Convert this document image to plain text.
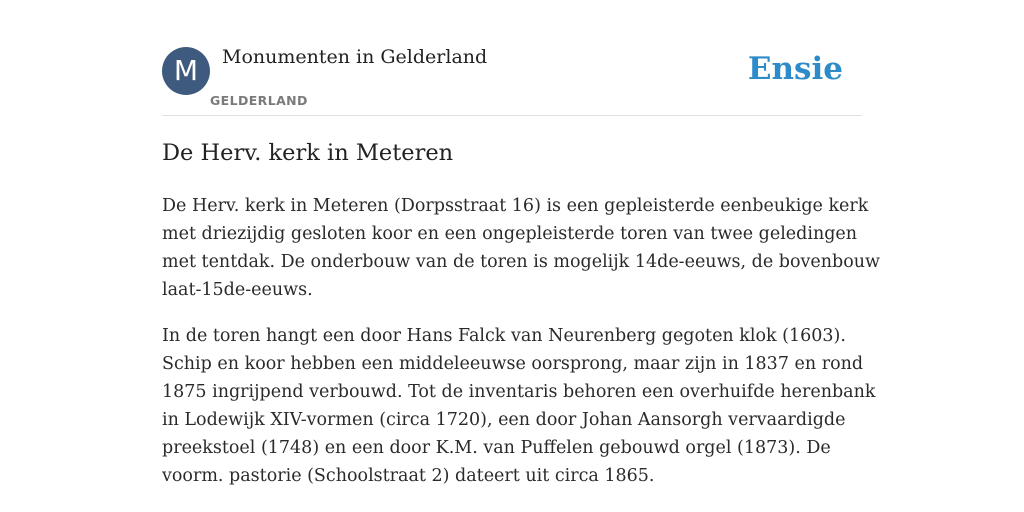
M	Monumenten in Gelderland
GELDERLAND
Ensie
De Herv. kerk in Meteren

De Herv. kerk in Meteren (Dorpsstraat 16) is een gepleisterde eenbeukige kerk
met driezijdig gesloten koor en een ongepleisterde toren van twee geledingen
met tentdak. De onderbouw van de toren is mogelijk 14de-eeuws, de bovenbouw
laat-15de-eeuws.

In de toren hangt een door Hans Falck van Neurenberg gegoten klok (1603).
Schip en koor hebben een middeleeuwse oorsprong, maar zijn in 1837 en rond
1875 ingrijpend verbouwd. Tot de inventaris behoren een overhuifde herenbank
in Lodewijk XIV-vormen (circa 1720), een door Johan Aansorgh vervaardigde
preekstoel (1748) en een door K.M. van Puffelen gebouwd orgel (1873). De
voorm. pastorie (Schoolstraat 2) dateert uit circa 1865.
